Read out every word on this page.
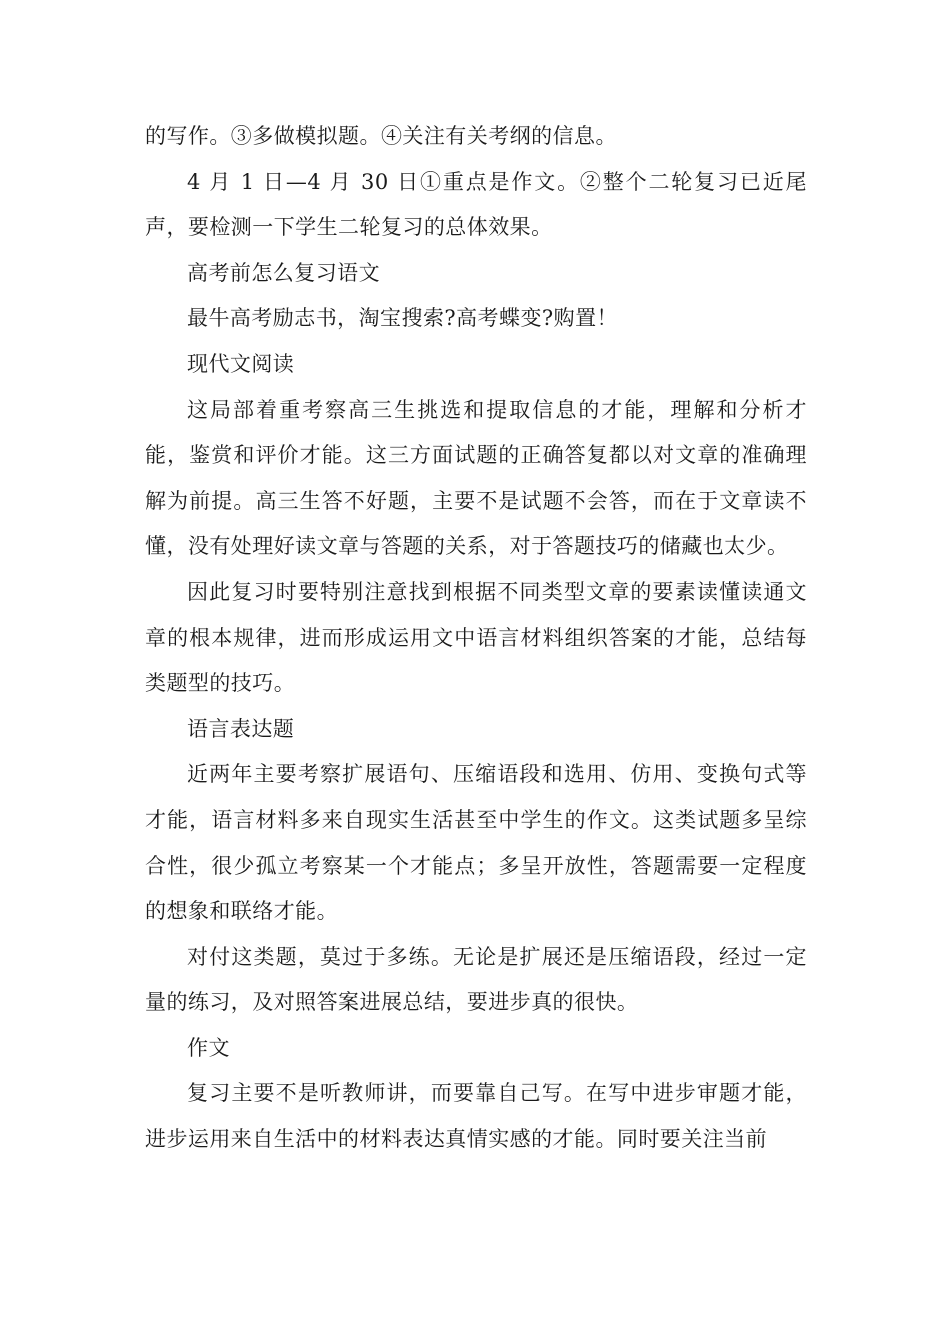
的写作。③多做模拟题。④关注有关考纲的信息。

4 月 1 日—4 月 30 日①重点是作文。②整个二轮复习已近尾声，要检测一下学生二轮复习的总体效果。

高考前怎么复习语文

最牛高考励志书，淘宝搜索?高考蝶变?购置！

现代文阅读

这局部着重考察高三生挑选和提取信息的才能，理解和分析才能，鉴赏和评价才能。这三方面试题的正确答复都以对文章的准确理解为前提。高三生答不好题，主要不是试题不会答，而在于文章读不懂，没有处理好读文章与答题的关系，对于答题技巧的储藏也太少。

因此复习时要特别注意找到根据不同类型文章的要素读懂读通文章的根本规律，进而形成运用文中语言材料组织答案的才能，总结每类题型的技巧。

语言表达题

近两年主要考察扩展语句、压缩语段和选用、仿用、变换句式等才能，语言材料多来自现实生活甚至中学生的作文。这类试题多呈综合性，很少孤立考察某一个才能点；多呈开放性，答题需要一定程度的想象和联络才能。

对付这类题，莫过于多练。无论是扩展还是压缩语段，经过一定量的练习，及对照答案进展总结，要进步真的很快。

作文

复习主要不是听教师讲，而要靠自己写。在写中进步审题才能，进步运用来自生活中的材料表达真情实感的才能。同时要关注当前
